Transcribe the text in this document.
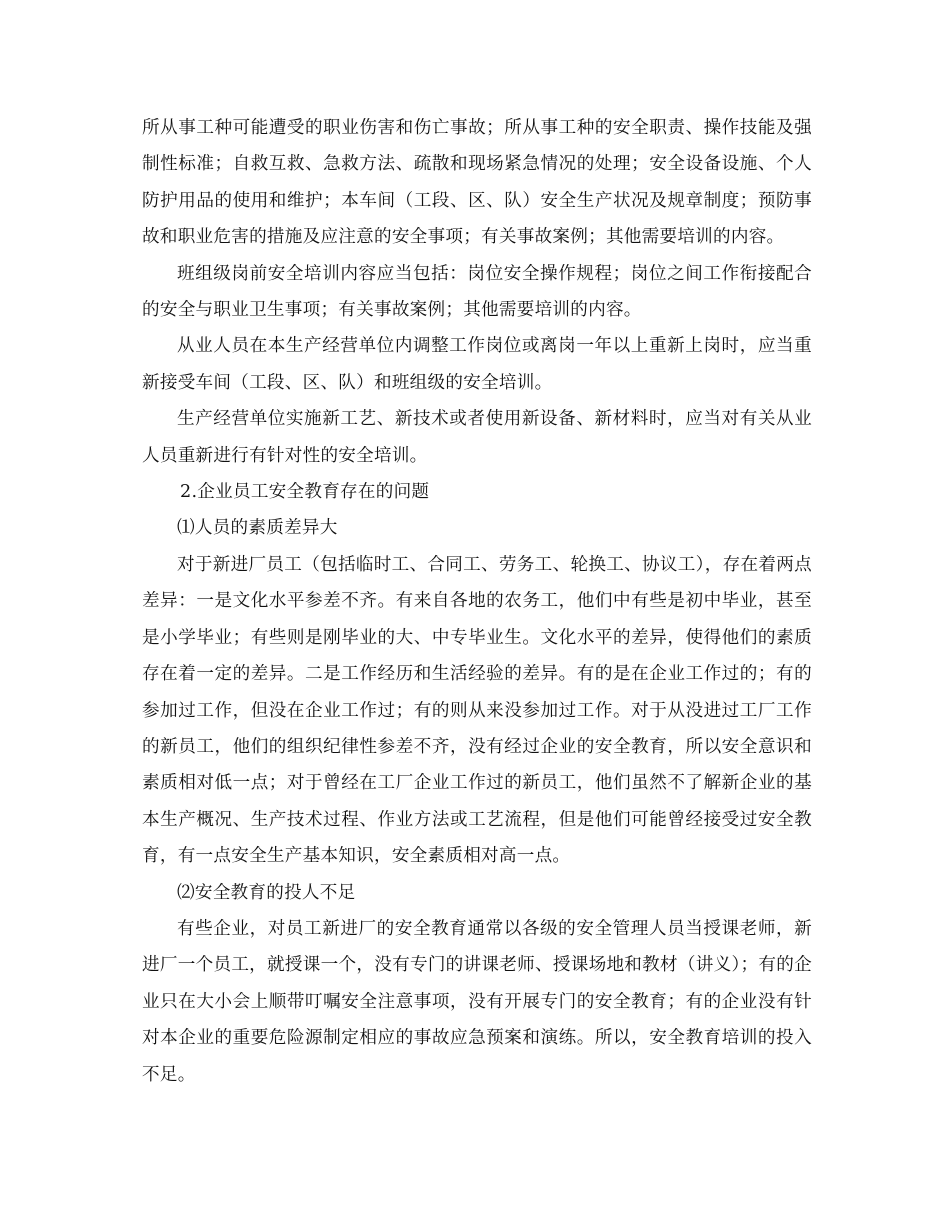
所从事工种可能遭受的职业伤害和伤亡事故；所从事工种的安全职责、操作技能及强制性标准；自救互救、急救方法、疏散和现场紧急情况的处理；安全设备设施、个人防护用品的使用和维护；本车间（工段、区、队）安全生产状况及规章制度；预防事故和职业危害的措施及应注意的安全事项；有关事故案例；其他需要培训的内容。

班组级岗前安全培训内容应当包括：岗位安全操作规程；岗位之间工作衔接配合的安全与职业卫生事项；有关事故案例；其他需要培训的内容。

从业人员在本生产经营单位内调整工作岗位或离岗一年以上重新上岗时，应当重新接受车间（工段、区、队）和班组级的安全培训。

生产经营单位实施新工艺、新技术或者使用新设备、新材料时，应当对有关从业人员重新进行有针对性的安全培训。

2.企业员工安全教育存在的问题

⑴人员的素质差异大

对于新进厂员工（包括临时工、合同工、劳务工、轮换工、协议工），存在着两点差异：一是文化水平参差不齐。有来自各地的农务工，他们中有些是初中毕业，甚至是小学毕业；有些则是刚毕业的大、中专毕业生。文化水平的差异，使得他们的素质存在着一定的差异。二是工作经历和生活经验的差异。有的是在企业工作过的；有的参加过工作，但没在企业工作过；有的则从来没参加过工作。对于从没进过工厂工作的新员工，他们的组织纪律性参差不齐，没有经过企业的安全教育，所以安全意识和素质相对低一点；对于曾经在工厂企业工作过的新员工，他们虽然不了解新企业的基本生产概况、生产技术过程、作业方法或工艺流程，但是他们可能曾经接受过安全教育，有一点安全生产基本知识，安全素质相对高一点。

⑵安全教育的投人不足

有些企业，对员工新进厂的安全教育通常以各级的安全管理人员当授课老师，新进厂一个员工，就授课一个，没有专门的讲课老师、授课场地和教材（讲义）；有的企业只在大小会上顺带叮嘱安全注意事项，没有开展专门的安全教育；有的企业没有针对本企业的重要危险源制定相应的事故应急预案和演练。所以，安全教育培训的投入不足。
